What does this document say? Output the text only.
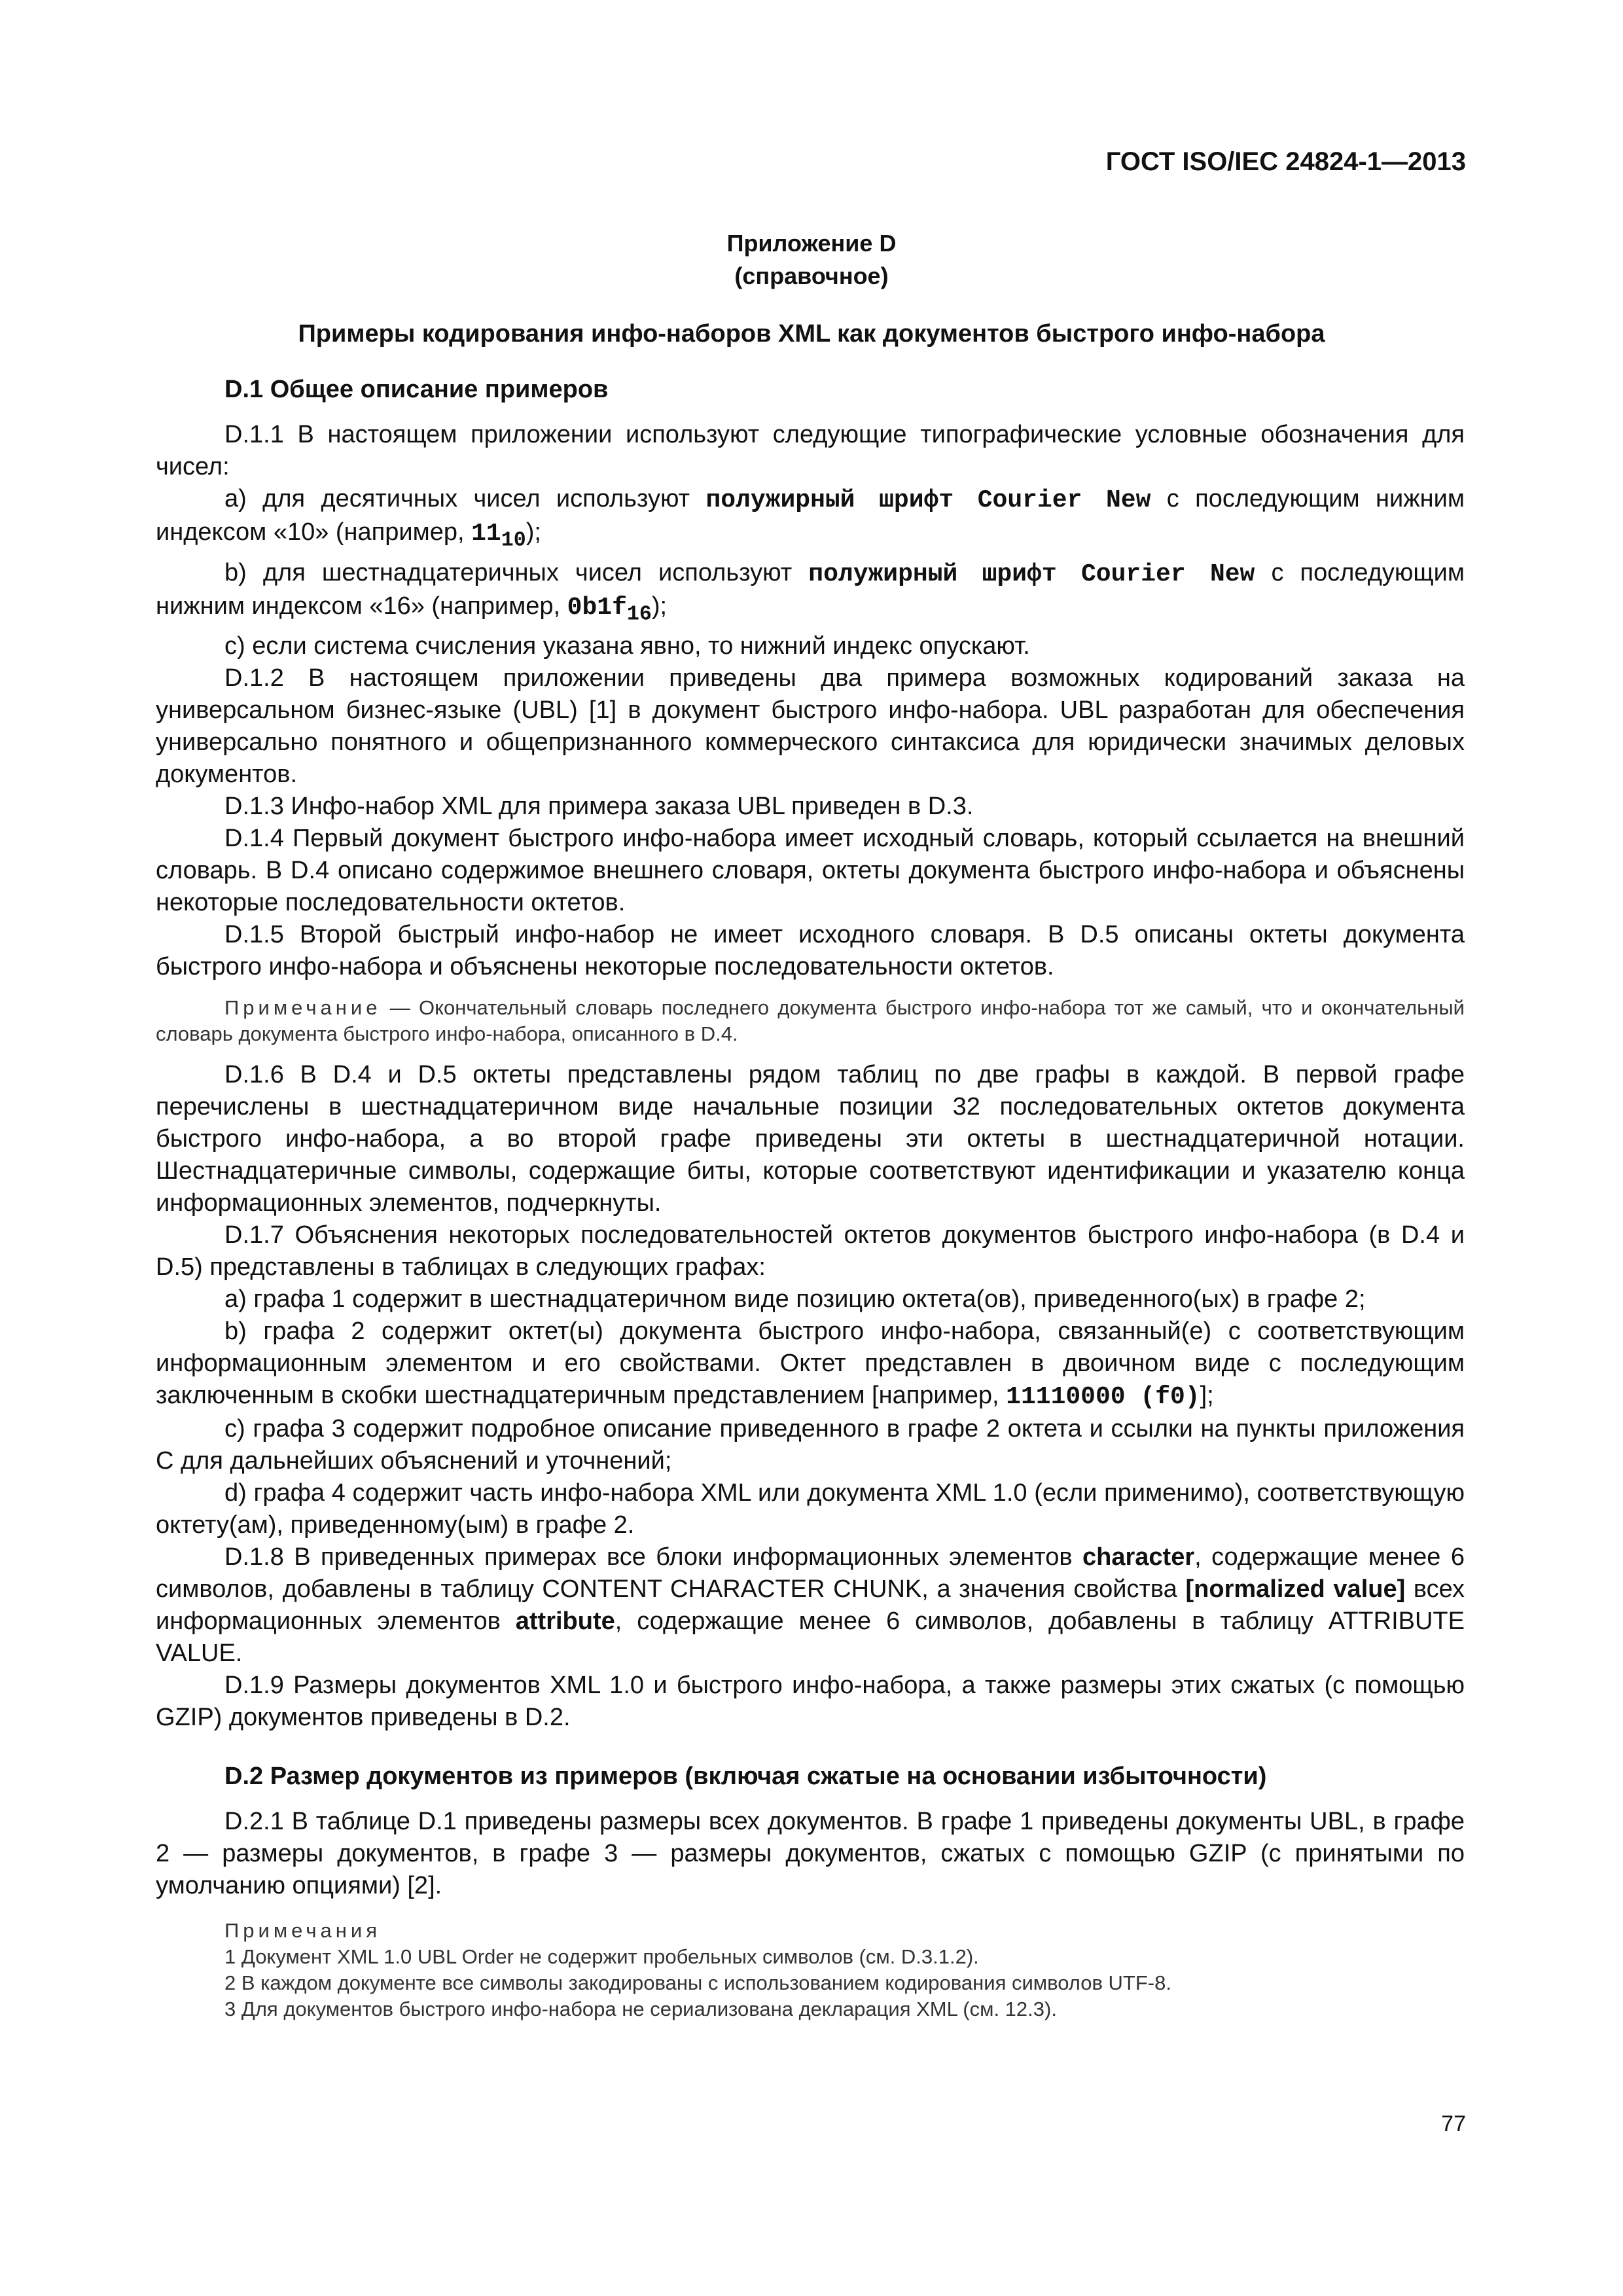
ГОСТ ISO/IEC 24824-1—2013
Приложение D
(справочное)
Примеры кодирования инфо-наборов XML как документов быстрого инфо-набора
D.1 Общее описание примеров

D.1.1 В настоящем приложении используют следующие типографические условные обозначения для чисел:

a) для десятичных чисел используют полужирный шрифт Courier New с последующим нижним индексом «10» (например, $11_{10}$);

b) для шестнадцатеричных чисел используют полужирный шрифт Courier New с последующим нижним индексом «16» (например, $0b1f_{16}$);

c) если система счисления указана явно, то нижний индекс опускают.

D.1.2 В настоящем приложении приведены два примера возможных кодирований заказа на универсальном бизнес-языке (UBL) [1] в документ быстрого инфо-набора. UBL разработан для обеспечения универсально понятного и общепризнанного коммерческого синтаксиса для юридически значимых деловых документов.

D.1.3 Инфо-набор XML для примера заказа UBL приведен в D.3.

D.1.4 Первый документ быстрого инфо-набора имеет исходный словарь, который ссылается на внешний словарь. В D.4 описано содержимое внешнего словаря, октеты документа быстрого инфо-набора и объяснены некоторые последовательности октетов.

D.1.5 Второй быстрый инфо-набор не имеет исходного словаря. В D.5 описаны октеты документа быстрого инфо-набора и объяснены некоторые последовательности октетов.

Примечание — Окончательный словарь последнего документа быстрого инфо-набора тот же самый, что и окончательный словарь документа быстрого инфо-набора, описанного в D.4.

D.1.6 В D.4 и D.5 октеты представлены рядом таблиц по две графы в каждой. В первой графе перечислены в шестнадцатеричном виде начальные позиции 32 последовательных октетов документа быстрого инфо-набора, а во второй графе приведены эти октеты в шестнадцатеричной нотации. Шестнадцатеричные символы, содержащие биты, которые соответствуют идентификации и указателю конца информационных элементов, подчеркнуты.

D.1.7 Объяснения некоторых последовательностей октетов документов быстрого инфо-набора (в D.4 и D.5) представлены в таблицах в следующих графах:

a) графа 1 содержит в шестнадцатеричном виде позицию октета(ов), приведенного(ых) в графе 2;

b) графа 2 содержит октет(ы) документа быстрого инфо-набора, связанный(е) с соответствующим информационным элементом и его свойствами. Октет представлен в двоичном виде с последующим заключенным в скобки шестнадцатеричным представлением [например, 11110000 (f0)];

c) графа 3 содержит подробное описание приведенного в графе 2 октета и ссылки на пункты приложения С для дальнейших объяснений и уточнений;

d) графа 4 содержит часть инфо-набора XML или документа XML 1.0 (если применимо), соответствующую октету(ам), приведенному(ым) в графе 2.

D.1.8 В приведенных примерах все блоки информационных элементов character, содержащие менее 6 символов, добавлены в таблицу CONTENT CHARACTER CHUNK, а значения свойства [normalized value] всех информационных элементов attribute, содержащие менее 6 символов, добавлены в таблицу ATTRIBUTE VALUE.

D.1.9 Размеры документов XML 1.0 и быстрого инфо-набора, а также размеры этих сжатых (с помощью GZIP) документов приведены в D.2.

D.2 Размер документов из примеров (включая сжатые на основании избыточности)

D.2.1 В таблице D.1 приведены размеры всех документов. В графе 1 приведены документы UBL, в графе 2 — размеры документов, в графе 3 — размеры документов, сжатых с помощью GZIP (с принятыми по умолчанию опциями) [2].

Примечания
1 Документ XML 1.0 UBL Order не содержит пробельных символов (см. D.3.1.2).
2 В каждом документе все символы закодированы с использованием кодирования символов UTF-8.
3 Для документов быстрого инфо-набора не сериализована декларация XML (см. 12.3).
77
